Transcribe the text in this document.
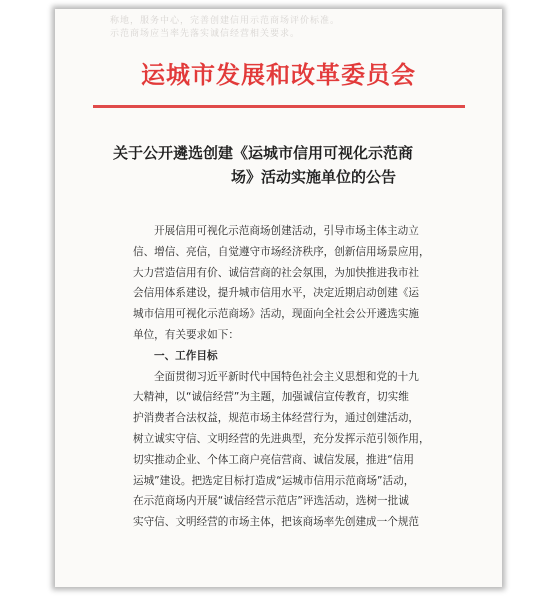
称地，服务中心，完善创建信用示范商场评价标准。
示范商场应当率先落实诚信经营相关要求。
运城市发展和改革委员会
关于公开遴选创建《运城市信用可视化示范商
场》活动实施单位的公告
开展信用可视化示范商场创建活动，引导市场主体主动立
信、增信、亮信，自觉遵守市场经济秩序，创新信用场景应用，
大力营造信用有价、诚信营商的社会氛围，为加快推进我市社
会信用体系建设，提升城市信用水平，决定近期启动创建《运
城市信用可视化示范商场》活动，现面向全社会公开遴选实施
单位，有关要求如下：
一、工作目标
全面贯彻习近平新时代中国特色社会主义思想和党的十九
大精神，以“诚信经营”为主题，加强诚信宣传教育，切实维
护消费者合法权益，规范市场主体经营行为，通过创建活动，
树立诚实守信、文明经营的先进典型，充分发挥示范引领作用，
切实推动企业、个体工商户亮信营商、诚信发展，推进“信用
运城”建设。把选定目标打造成“运城市信用示范商场”活动，
在示范商场内开展“诚信经营示范店”评选活动，选树一批诚
实守信、文明经营的市场主体，把该商场率先创建成一个规范
